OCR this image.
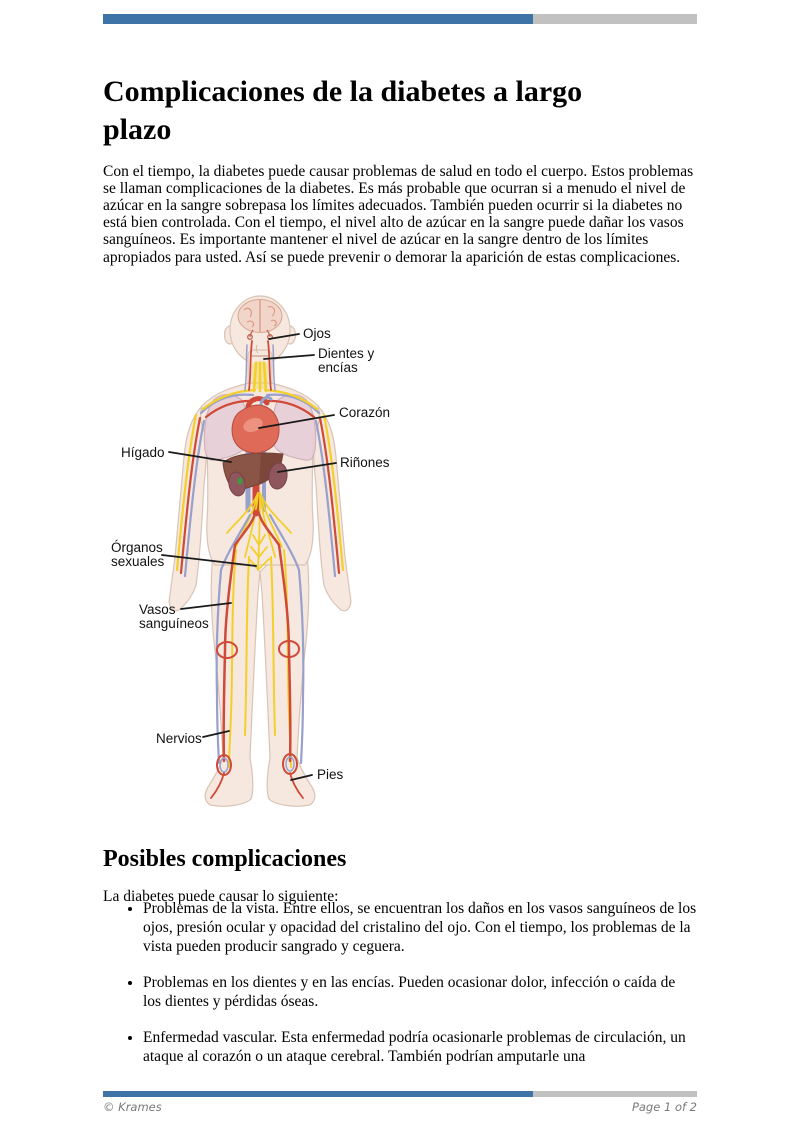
Complicaciones de la diabetes a largo plazo

Con el tiempo, la diabetes puede causar problemas de salud en todo el cuerpo. Estos problemas se llaman complicaciones de la diabetes. Es más probable que ocurran si a menudo el nivel de azúcar en la sangre sobrepasa los límites adecuados. También pueden ocurrir si la diabetes no está bien controlada. Con el tiempo, el nivel alto de azúcar en la sangre puede dañar los vasos sanguíneos. Es importante mantener el nivel de azúcar en la sangre dentro de los límites apropiados para usted. Así se puede prevenir o demorar la aparición de estas complicaciones.

Ojos
Dientes y
encías
Corazón
Hígado
Riñones
Órganos
sexuales
Vasos
sanguíneos
Nervios
Pies
Posibles complicaciones

La diabetes puede causar lo siguiente:

• Problemas de la vista. Entre ellos, se encuentran los daños en los vasos sanguíneos de los ojos, presión ocular y opacidad del cristalino del ojo. Con el tiempo, los problemas de la vista pueden producir sangrado y ceguera.
• Problemas en los dientes y en las encías. Pueden ocasionar dolor, infección o caída de los dientes y pérdidas óseas.
• Enfermedad vascular. Esta enfermedad podría ocasionarle problemas de circulación, un ataque al corazón o un ataque cerebral. También podrían amputarle una
© Krames	Page 1 of 2
